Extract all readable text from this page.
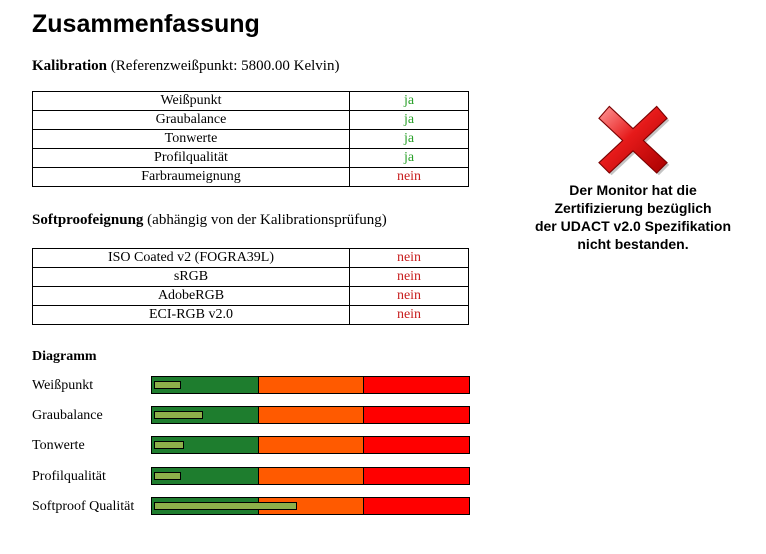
Zusammenfassung
Kalibration (Referenzweißpunkt: 5800.00 Kelvin)
Weißpunkt	ja
Graubalance	ja
Tonwerte	ja
Profilqualität	ja
Farbraumeignung	nein
Softproofeignung (abhängig von der Kalibrationsprüfung)
ISO Coated v2 (FOGRA39L)	nein
sRGB	nein
AdobeRGB	nein
ECI-RGB v2.0	nein
Diagramm
Weißpunkt
Graubalance
Tonwerte
Profilqualität
Softproof Qualität
Der Monitor hat die
Zertifizierung bezüglich
der UDACT v2.0 Spezifikation
nicht bestanden.
